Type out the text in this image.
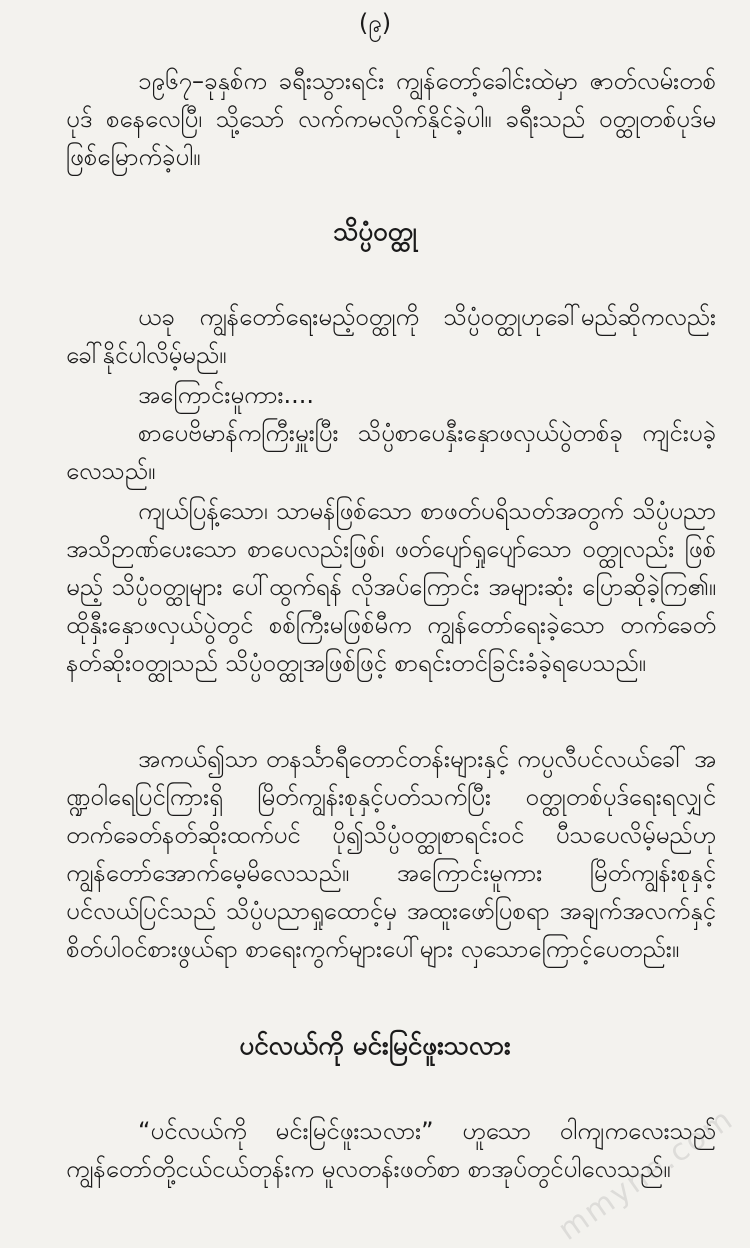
(၉)

၁၉၆၇–ခုနှစ်က ခရီးသွားရင်း ကျွန်တော့်ခေါင်းထဲမှာ ဇာတ်လမ်းတစ်ပုဒ် စနေလေပြီ၊ သို့သော် လက်ကမလိုက်နိုင်ခဲ့ပါ။ ခရီးသည် ဝတ္ထုတစ်ပုဒ်မဖြစ်မြောက်ခဲ့ပါ။

သိပ္ပံဝတ္ထု

ယခု ကျွန်တော်ရေးမည့်ဝတ္ထုကို သိပ္ပံဝတ္ထုဟုခေါ်မည်ဆိုကလည်း ခေါ်နိုင်ပါလိမ့်မည်။

အကြောင်းမူကား....

စာပေဗိမာန်ကကြီးမှူးပြီး သိပ္ပံစာပေနှီးနှောဖလှယ်ပွဲတစ်ခု ကျင်းပခဲ့လေသည်။

ကျယ်ပြန့်သော၊ သာမန်ဖြစ်သော စာဖတ်ပရိသတ်အတွက် သိပ္ပံပညာ အသိဉာဏ်ပေးသော စာပေလည်းဖြစ်၊ ဖတ်ပျော်ရှုပျော်သော ဝတ္ထုလည်း ဖြစ်မည့် သိပ္ပံဝတ္ထုများ ပေါ်ထွက်ရန် လိုအပ်ကြောင်း အများဆုံး ပြောဆိုခဲ့ကြ၏။ ထိုနှီးနှောဖလှယ်ပွဲတွင် စစ်ကြီးမဖြစ်မီက ကျွန်တော်ရေးခဲ့သော တက်ခေတ်နတ်ဆိုးဝတ္ထုသည် သိပ္ပံဝတ္ထုအဖြစ်ဖြင့် စာရင်းတင်ခြင်းခံခဲ့ရပေသည်။

အကယ်၍သာ တနင်္သာရီတောင်တန်းများနှင့် ကပ္ပလီပင်လယ်ခေါ် အဏ္ဍဝါရေပြင်ကြားရှိ မြိတ်ကျွန်းစုနှင့်ပတ်သက်ပြီး ဝတ္ထုတစ်ပုဒ်ရေးရလျှင် တက်ခေတ်နတ်ဆိုးထက်ပင် ပို၍သိပ္ပံဝတ္ထုစာရင်းဝင် ပီသပေလိမ့်မည်ဟု ကျွန်တော်အောက်မေ့မိလေသည်။ အကြောင်းမူကား မြိတ်ကျွန်းစုနှင့် ပင်လယ်ပြင်သည် သိပ္ပံပညာရှုထောင့်မှ အထူးဖော်ပြစရာ အချက်အလက်နှင့် စိတ်ပါဝင်စားဖွယ်ရာ စာရေးကွက်များပေါ်များ လှသောကြောင့်ပေတည်း။

ပင်လယ်ကို မင်းမြင်ဖူးသလား

“ပင်လယ်ကို မင်းမြင်ဖူးသလား” ဟူသော ဝါကျကလေးသည် ကျွန်တော်တို့ငယ်ငယ်တုန်းက မူလတန်းဖတ်စာ စာအုပ်တွင်ပါလေသည်။

mmyne.com
